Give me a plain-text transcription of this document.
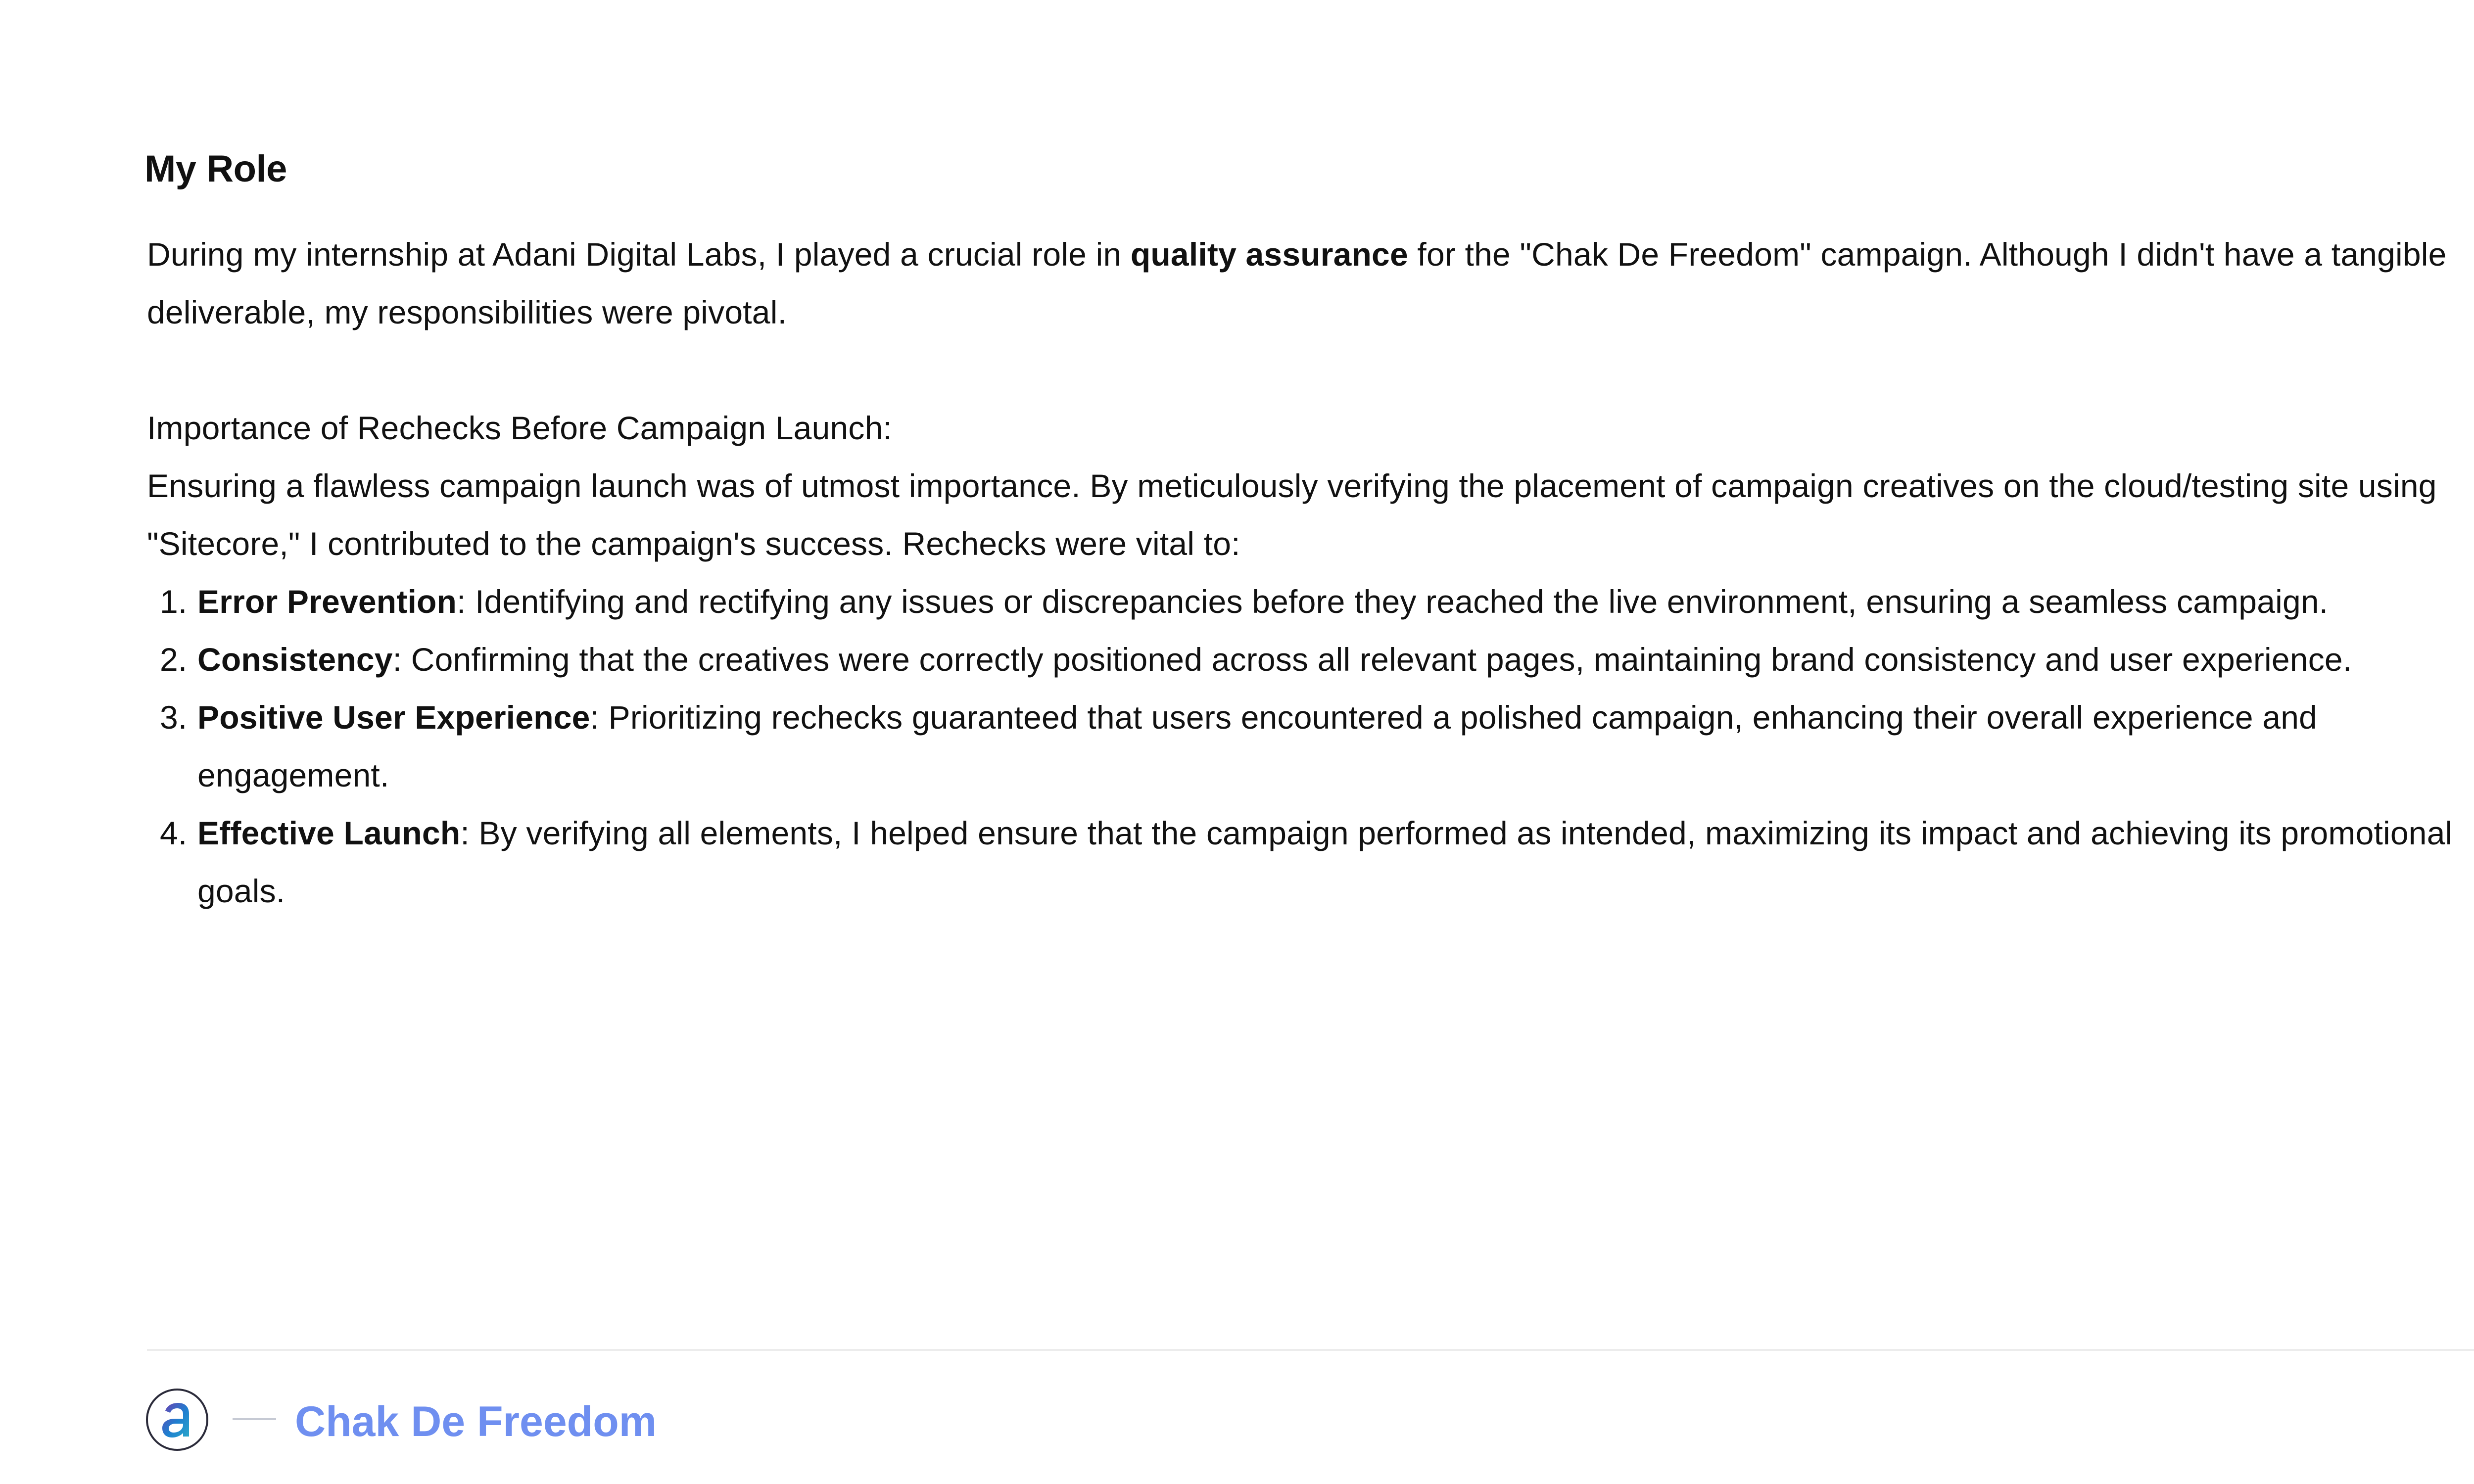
My Role

During my internship at Adani Digital Labs, I played a crucial role in quality assurance for the "Chak De Freedom" campaign. Although I didn't have a tangible deliverable, my responsibilities were pivotal.

Importance of Rechecks Before Campaign Launch:

Ensuring a flawless campaign launch was of utmost importance. By meticulously verifying the placement of campaign creatives on the cloud/testing site using "Sitecore," I contributed to the campaign's success. Rechecks were vital to:

1. Error Prevention: Identifying and rectifying any issues or discrepancies before they reached the live environment, ensuring a seamless campaign.
2. Consistency: Confirming that the creatives were correctly positioned across all relevant pages, maintaining brand consistency and user experience.
3. Positive User Experience: Prioritizing rechecks guaranteed that users encountered a polished campaign, enhancing their overall experience and engagement.
4. Effective Launch: By verifying all elements, I helped ensure that the campaign performed as intended, maximizing its impact and achieving its promotional goals.
Chak De Freedom
